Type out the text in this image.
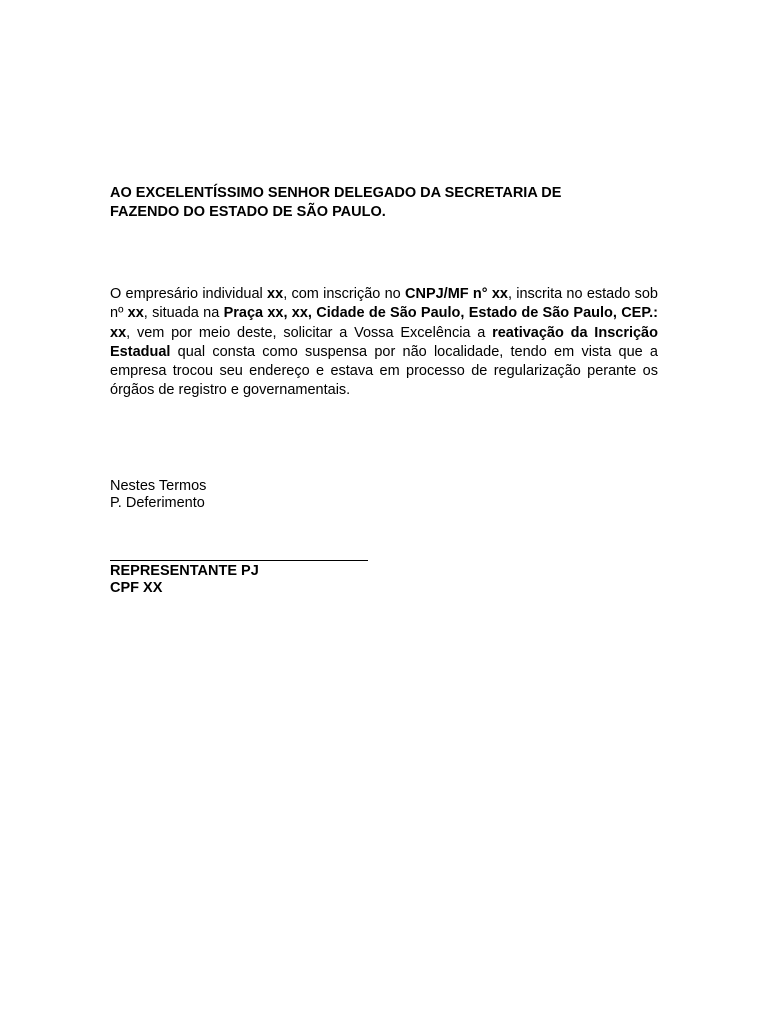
AO EXCELENTÍSSIMO SENHOR DELEGADO DA SECRETARIA DE
FAZENDO DO ESTADO DE SÃO PAULO.

O empresário individual xx, com inscrição no CNPJ/MF n° xx, inscrita no estado sob nº xx, situada na Praça xx, xx, Cidade de São Paulo, Estado de São Paulo, CEP.: xx, vem por meio deste, solicitar a Vossa Excelência a reativação da Inscrição Estadual qual consta como suspensa por não localidade, tendo em vista que a empresa trocou seu endereço e estava em processo de regularização perante os órgãos de registro e governamentais.

Nestes Termos
P. Deferimento
REPRESENTANTE PJ
CPF XX
